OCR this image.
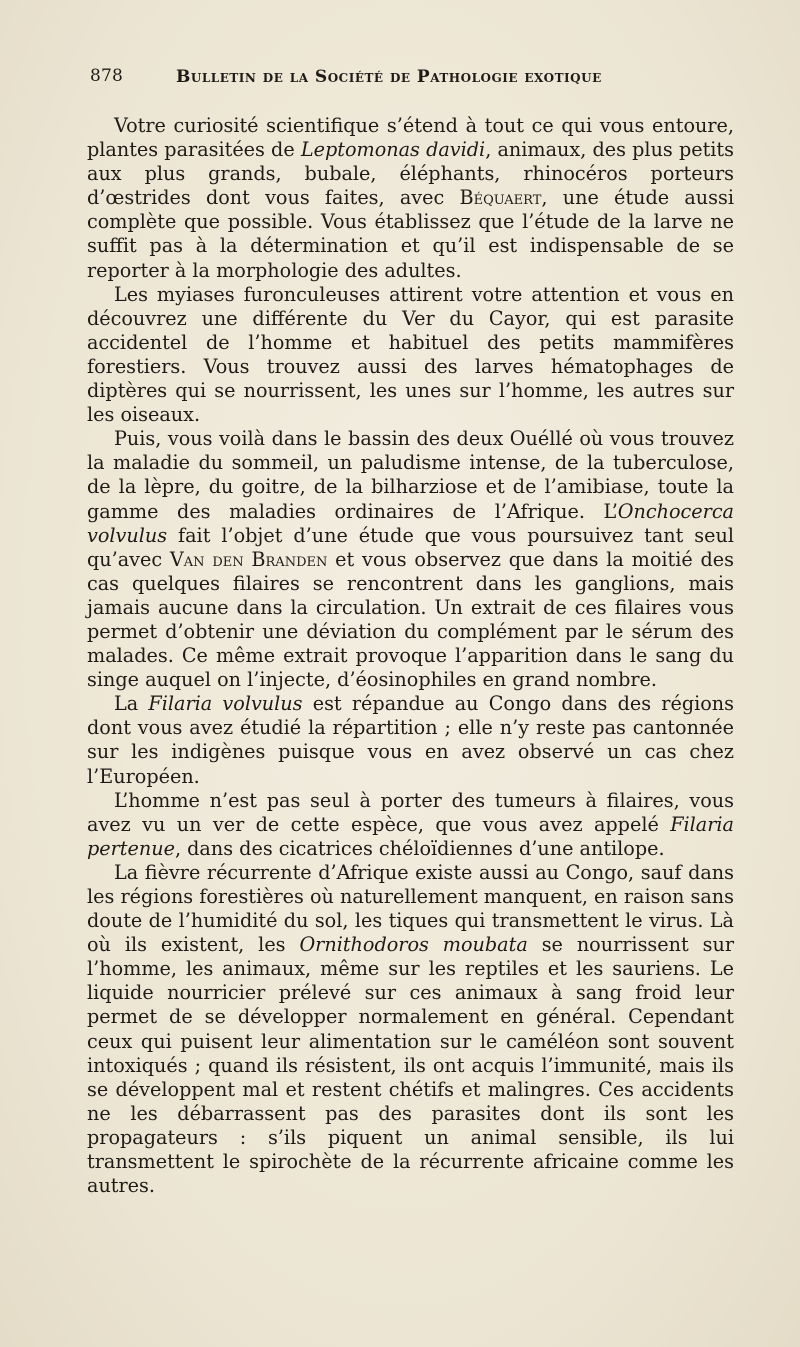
878	Bulletin de la Société de Pathologie exotique

Votre curiosité scientifique s’étend à tout ce qui vous entoure, plantes parasitées de Leptomonas davidi, animaux, des plus petits aux plus grands, bubale, éléphants, rhinocéros porteurs d’œstrides dont vous faites, avec Béquaert, une étude aussi complète que possible. Vous établissez que l’étude de la larve ne suffit pas à la détermination et qu’il est indispensable de se reporter à la morphologie des adultes.

Les myiases furonculeuses attirent votre attention et vous en découvrez une différente du Ver du Cayor, qui est parasite accidentel de l’homme et habituel des petits mammifères forestiers. Vous trouvez aussi des larves hématophages de diptères qui se nourrissent, les unes sur l’homme, les autres sur les oiseaux.

Puis, vous voilà dans le bassin des deux Ouéllé où vous trouvez la maladie du sommeil, un paludisme intense, de la tuberculose, de la lèpre, du goitre, de la bilharziose et de l’amibiase, toute la gamme des maladies ordinaires de l’Afrique. L’Onchocerca volvulus fait l’objet d’une étude que vous poursuivez tant seul qu’avec Van den Branden et vous observez que dans la moitié des cas quelques filaires se rencontrent dans les ganglions, mais jamais aucune dans la circulation. Un extrait de ces filaires vous permet d’obtenir une déviation du complément par le sérum des malades. Ce même extrait provoque l’apparition dans le sang du singe auquel on l’injecte, d’éosinophiles en grand nombre.

La Filaria volvulus est répandue au Congo dans des régions dont vous avez étudié la répartition ; elle n’y reste pas cantonnée sur les indigènes puisque vous en avez observé un cas chez l’Européen.

L’homme n’est pas seul à porter des tumeurs à filaires, vous avez vu un ver de cette espèce, que vous avez appelé Filaria pertenue, dans des cicatrices chéloïdiennes d’une antilope.

La fièvre récurrente d’Afrique existe aussi au Congo, sauf dans les régions forestières où naturellement manquent, en raison sans doute de l’humidité du sol, les tiques qui transmettent le virus. Là où ils existent, les Ornithodoros moubata se nourrissent sur l’homme, les animaux, même sur les reptiles et les sauriens. Le liquide nourricier prélevé sur ces animaux à sang froid leur permet de se développer normalement en général. Cependant ceux qui puisent leur alimentation sur le caméléon sont souvent intoxiqués ; quand ils résistent, ils ont acquis l’immunité, mais ils se développent mal et restent chétifs et malingres. Ces accidents ne les débarrassent pas des parasites dont ils sont les propagateurs : s’ils piquent un animal sensible, ils lui transmettent le spirochète de la récurrente africaine comme les autres.
